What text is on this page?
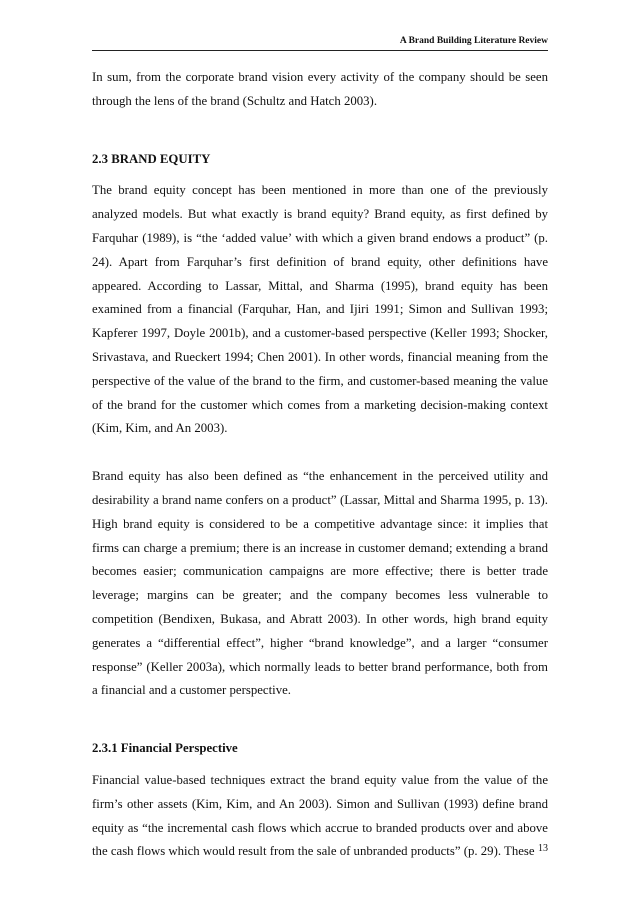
A Brand Building Literature Review

In sum, from the corporate brand vision every activity of the company should be seen through the lens of the brand (Schultz and Hatch 2003).

2.3 BRAND EQUITY

The brand equity concept has been mentioned in more than one of the previously analyzed models. But what exactly is brand equity? Brand equity, as first defined by Farquhar (1989), is “the ‘added value’ with which a given brand endows a product” (p. 24). Apart from Farquhar’s first definition of brand equity, other definitions have appeared. According to Lassar, Mittal, and Sharma (1995), brand equity has been examined from a financial (Farquhar, Han, and Ijiri 1991; Simon and Sullivan 1993; Kapferer 1997, Doyle 2001b), and a customer-based perspective (Keller 1993; Shocker, Srivastava, and Rueckert 1994; Chen 2001). In other words, financial meaning from the perspective of the value of the brand to the firm, and customer-based meaning the value of the brand for the customer which comes from a marketing decision-making context (Kim, Kim, and An 2003).

Brand equity has also been defined as “the enhancement in the perceived utility and desirability a brand name confers on a product” (Lassar, Mittal and Sharma 1995, p. 13). High brand equity is considered to be a competitive advantage since: it implies that firms can charge a premium; there is an increase in customer demand; extending a brand becomes easier; communication campaigns are more effective; there is better trade leverage; margins can be greater; and the company becomes less vulnerable to competition (Bendixen, Bukasa, and Abratt 2003). In other words, high brand equity generates a “differential effect”, higher “brand knowledge”, and a larger “consumer response” (Keller 2003a), which normally leads to better brand performance, both from a financial and a customer perspective.

2.3.1 Financial Perspective

Financial value-based techniques extract the brand equity value from the value of the firm’s other assets (Kim, Kim, and An 2003). Simon and Sullivan (1993) define brand equity as “the incremental cash flows which accrue to branded products over and above the cash flows which would result from the sale of unbranded products” (p. 29). These 13
